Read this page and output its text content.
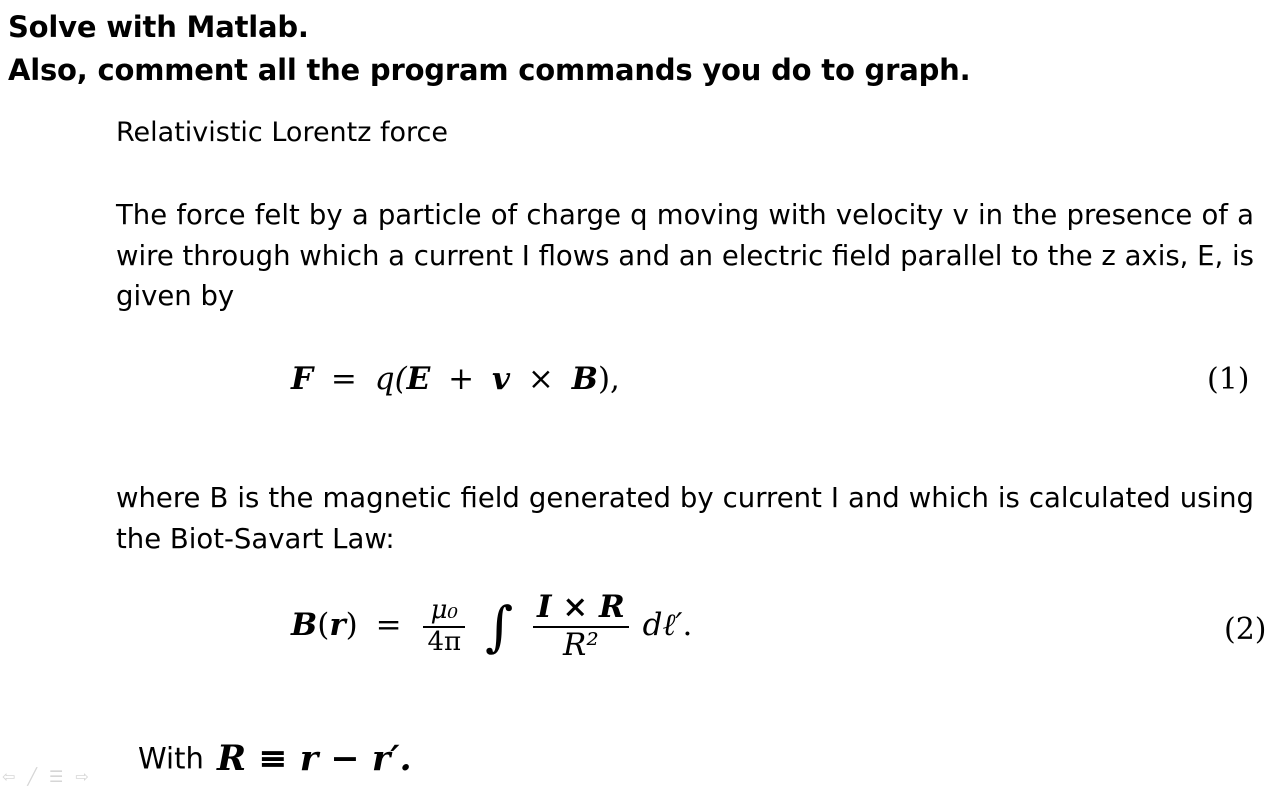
Solve with Matlab.
Also, comment all the program commands you do to graph.
Relativistic Lorentz force
The force felt by a particle of charge q moving with velocity v in the presence of a wire through which a current I flows and an electric field parallel to the z axis, E, is given by
F = q(E + v × B),	(1)
where B is the magnetic field generated by current I and which is calculated using the Biot-Savart Law:
$B(r) = \frac{\text{μ₀}}{4\pi}$ ∫ $\frac{I \times R}{\text{R²}}$ dℓ′.	(2)
With R ≡ r − r′.
⇦ ╱ ☰ ⇨
